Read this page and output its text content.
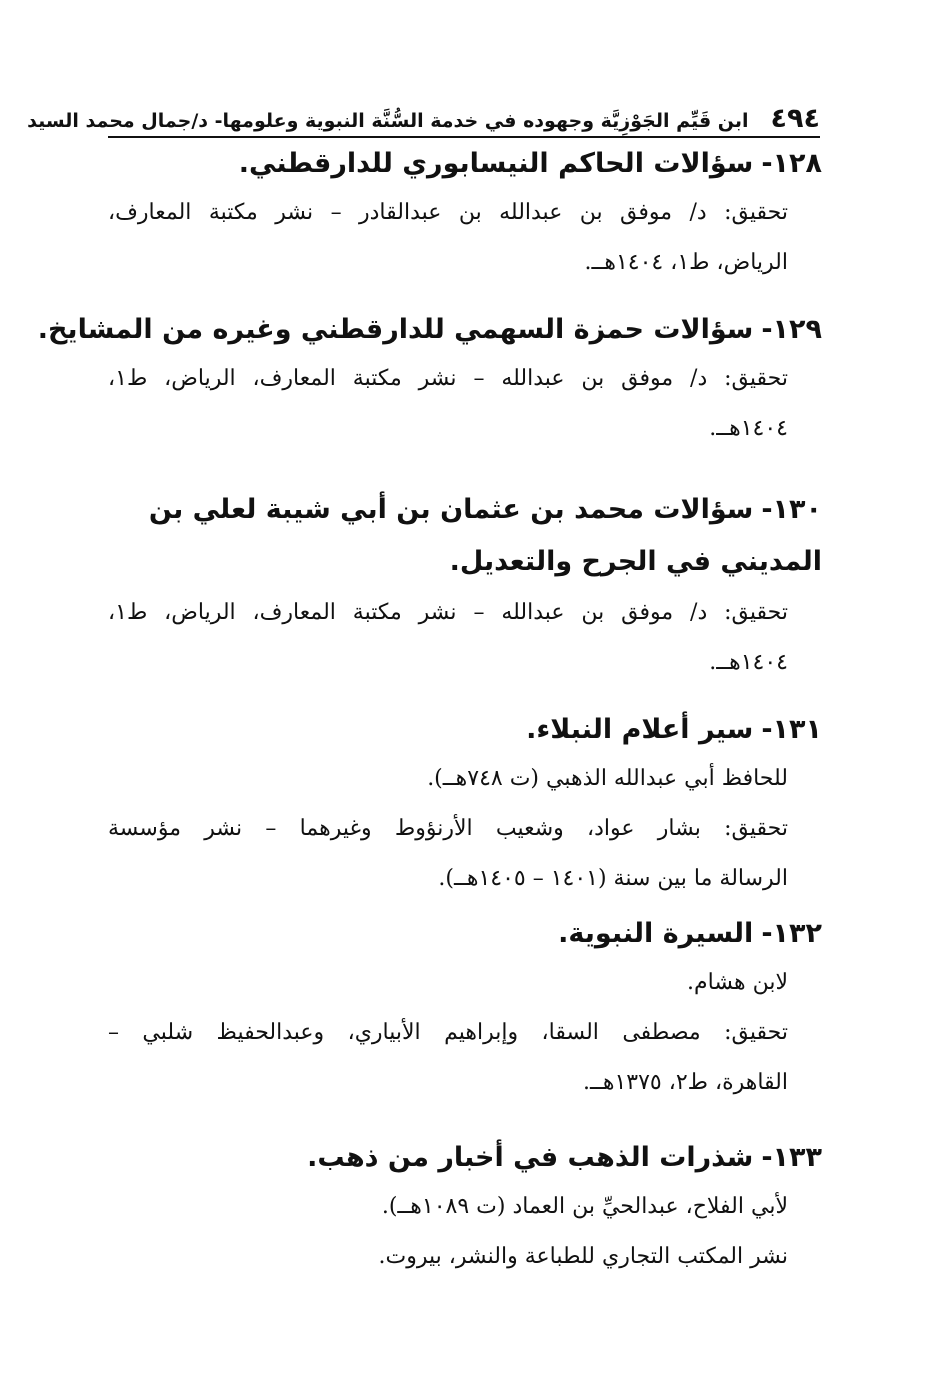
٤٩٤
ابن قَيِّم الجَوْزِيَّة وجهوده في خدمة السُّنَّة النبوية وعلومها- د/جمال محمد السيد

١٢٨-سؤالات الحاكم النيسابوري للدارقطني.

تحقيق: د/ موفق بن عبدالله بن عبدالقادر – نشر مكتبة المعارف،

الرياض، ط١، ١٤٠٤هــ.

١٢٩-سؤالات حمزة السهمي للدارقطني وغيره من المشايخ.

تحقيق: د/ موفق بن عبدالله – نشر مكتبة المعارف، الرياض، ط١،

١٤٠٤هــ.

١٣٠-سؤالات محمد بن عثمان بن أبي شيبة لعلي بن المديني في الجرح والتعديل.

تحقيق: د/ موفق بن عبدالله – نشر مكتبة المعارف، الرياض، ط١،

١٤٠٤هــ.

١٣١-سير أعلام النبلاء.

للحافظ أبي عبدالله الذهبي (ت ٧٤٨هــ).

تحقيق: بشار عواد، وشعيب الأرنؤوط وغيرهما – نشر مؤسسة

الرسالة ما بين سنة (١٤٠١ – ١٤٠٥هــ).

١٣٢-السيرة النبوية.

لابن هشام.

تحقيق: مصطفى السقا، وإبراهيم الأبياري، وعبدالحفيظ شلبي –

القاهرة، ط٢، ١٣٧٥هــ.

١٣٣-شذرات الذهب في أخبار من ذهب.

لأبي الفلاح، عبدالحيِّ بن العماد (ت ١٠٨٩هــ).

نشر المكتب التجاري للطباعة والنشر، بيروت.
